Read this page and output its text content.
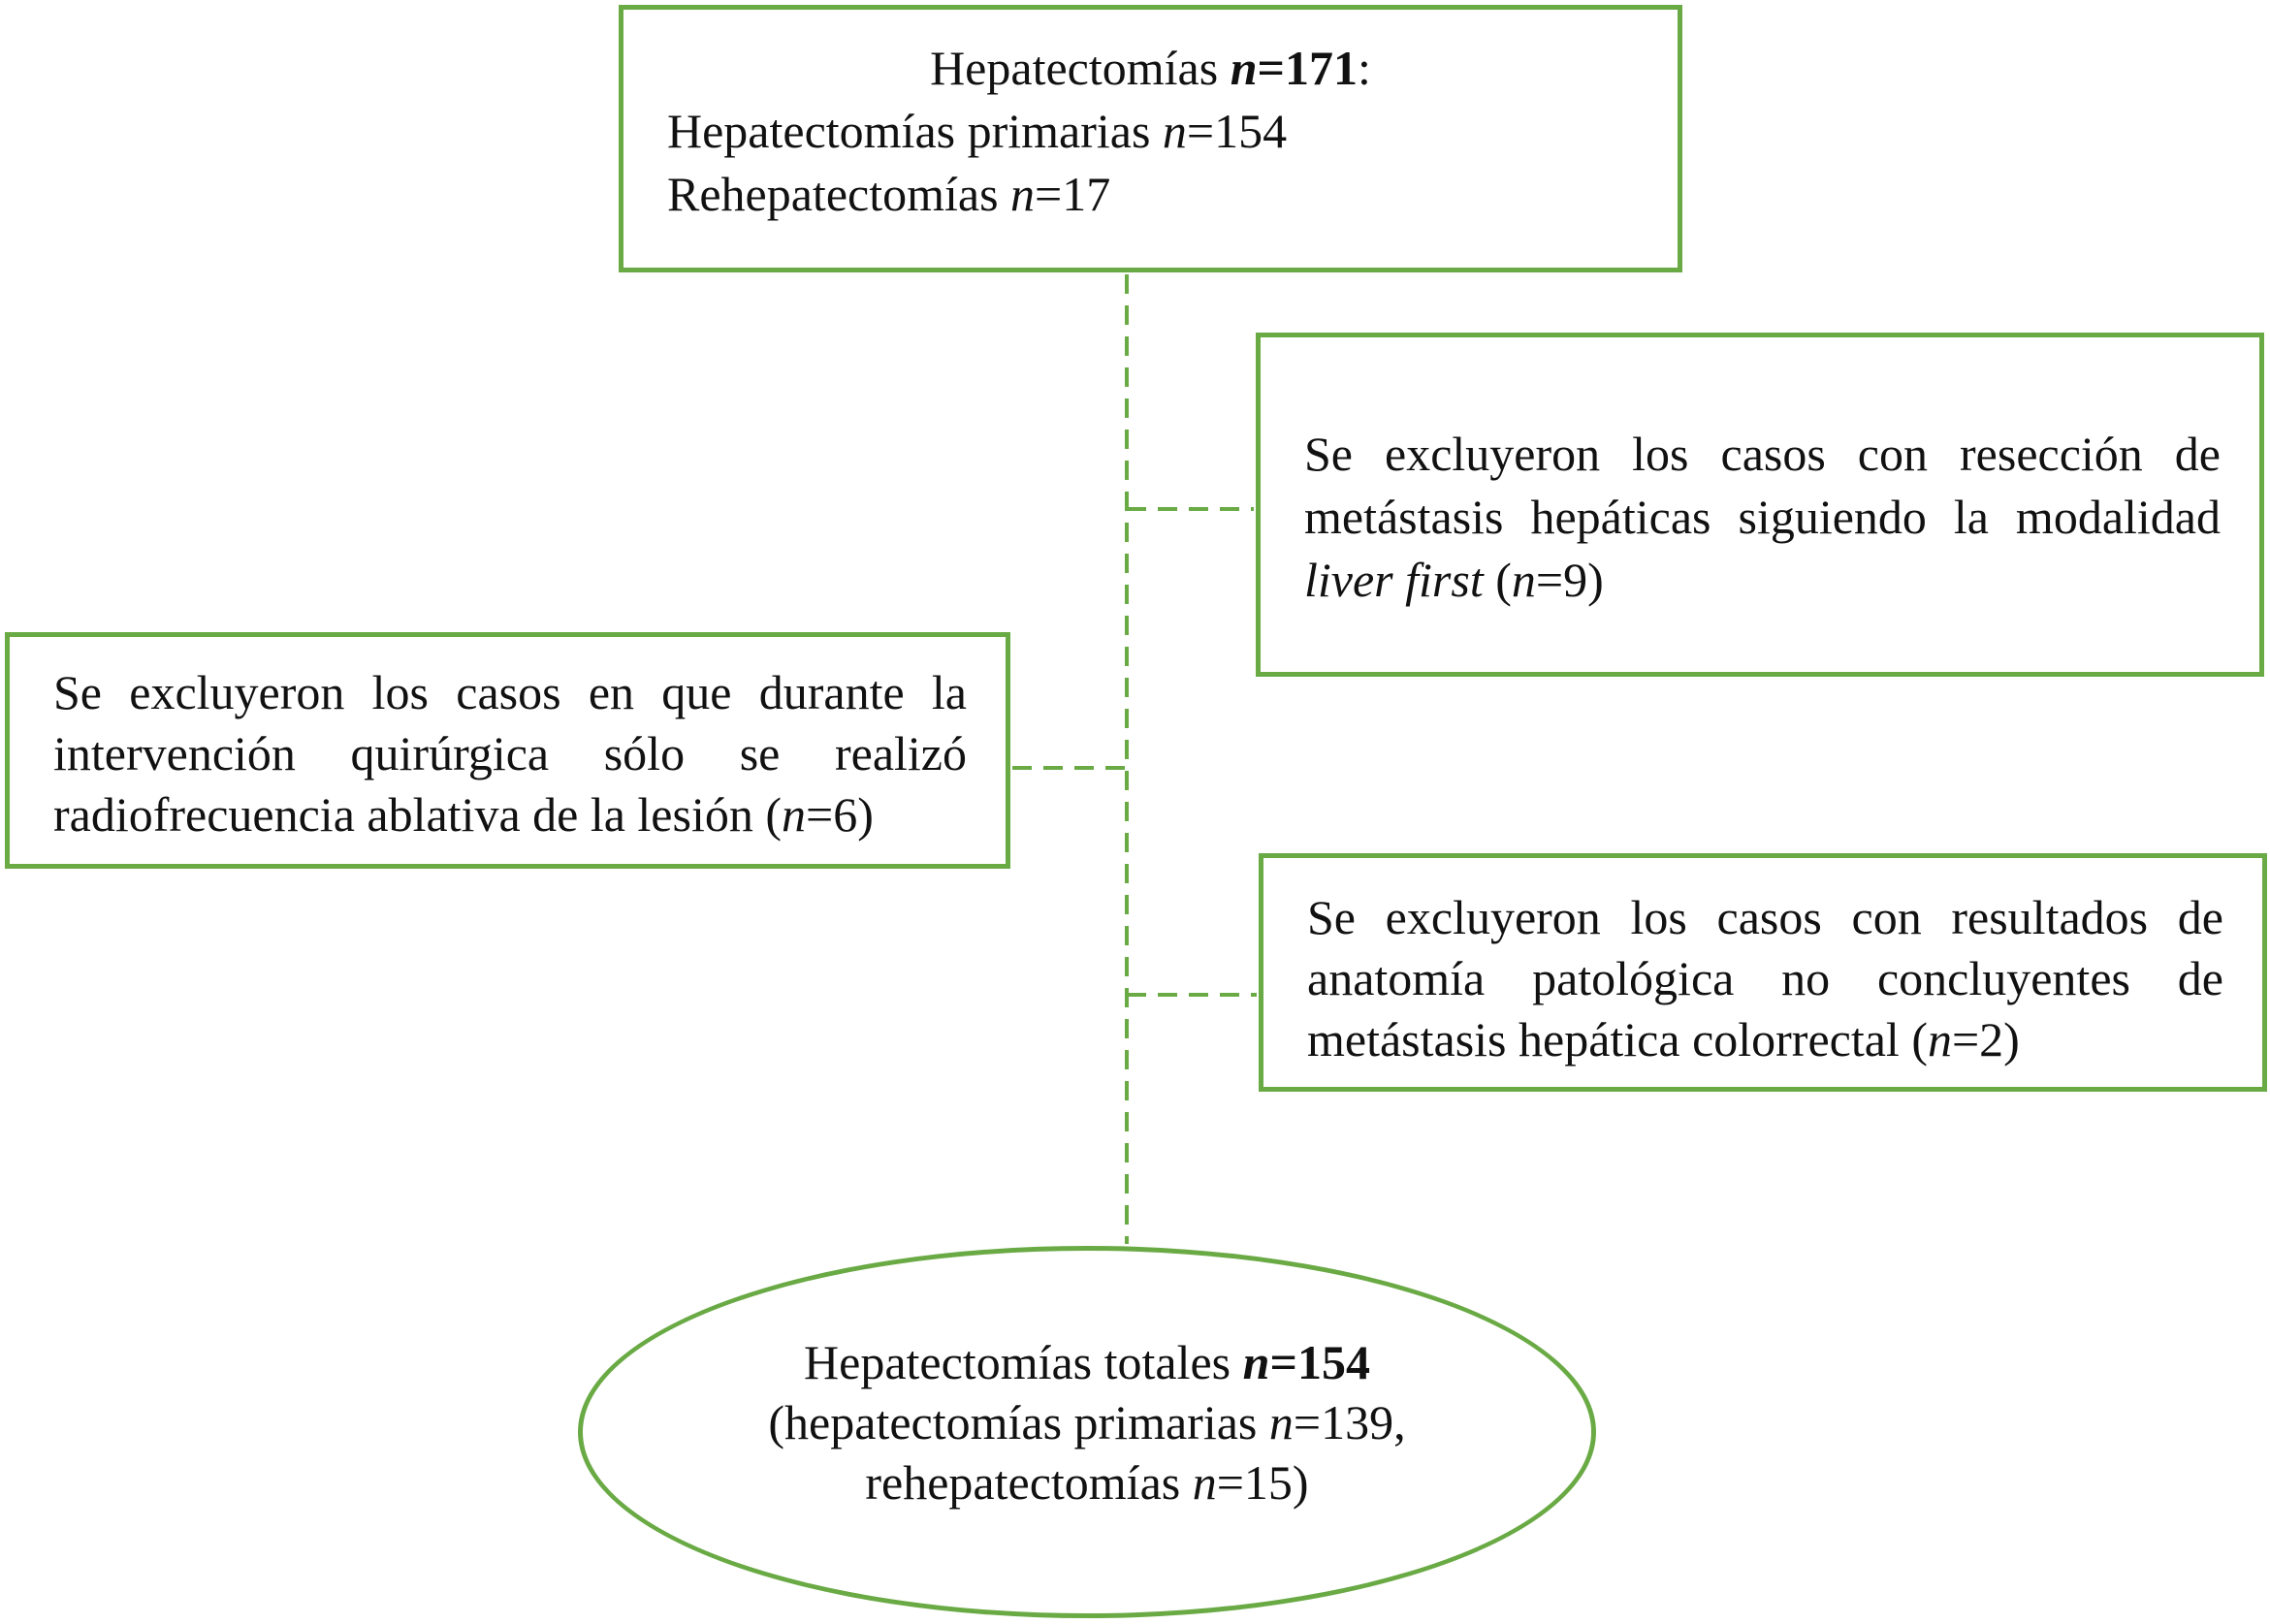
Hepatectomías n=171:
Hepatectomías primarias n=154
Rehepatectomías n=17
Se excluyeron los casos con resección de
metástasis hepáticas siguiendo la modalidad
liver first (n=9)
Se excluyeron los casos en que durante la
intervención quirúrgica sólo se realizó
radiofrecuencia ablativa de la lesión (n=6)
Se excluyeron los casos con resultados de
anatomía patológica no concluyentes de
metástasis hepática colorrectal (n=2)
Hepatectomías totales n=154
(hepatectomías primarias n=139,
rehepatectomías n=15)
